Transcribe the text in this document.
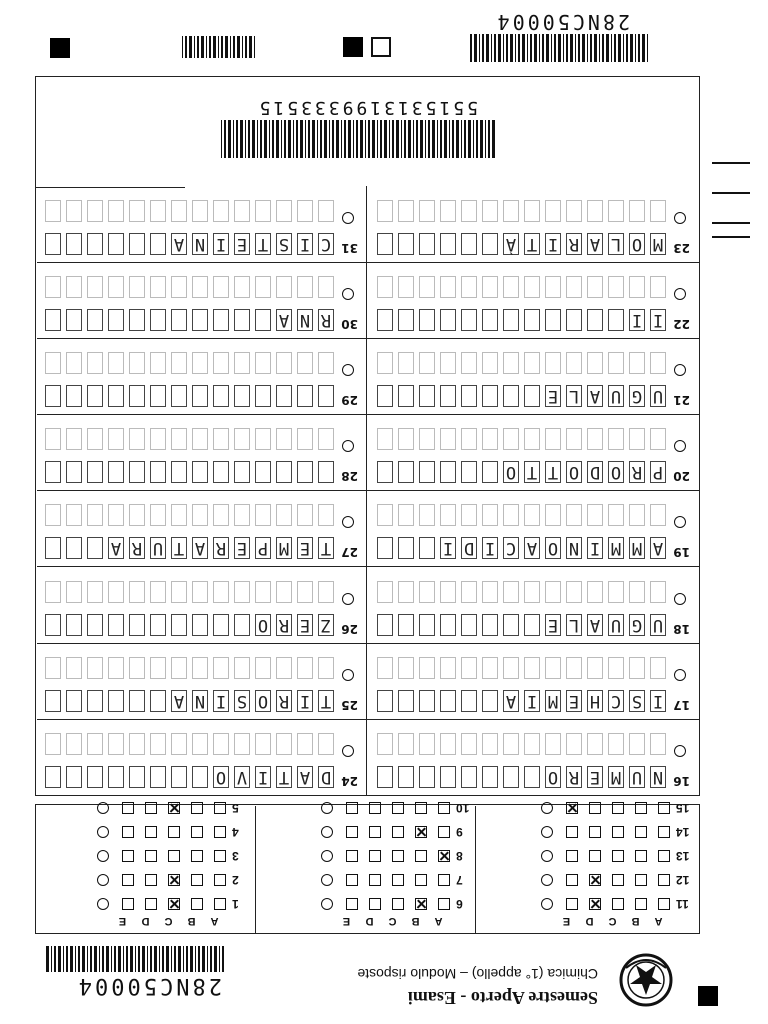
Semestre Aperto - Esami
Chimica (1° appello) – Modulo risposte
28NC50004
A
B
C
D
E
1
2
3
4
5
A
B
C
D
E
6
7
8
9
10
A
B
C
D
E
11
12
13
14
15
16
N
U
M
E
R
O
17
I
S
C
H
E
M
I
A
18
U
G
U
A
L
E
19
A
M
M
I
N
O
A
C
I
D
I
20
P
R
O
D
O
T
T
O
21
U
G
U
A
L
E
22
I
I
23
M
O
L
A
R
I
T
À
24
D
A
T
I
V
O
25
T
I
R
O
S
I
N
A
26
Z
E
R
O
27
T
E
M
P
E
R
A
T
U
R
A
28
29
30
R
N
A
31
C
I
S
T
E
I
N
A
5515313199333515
28NC50004
